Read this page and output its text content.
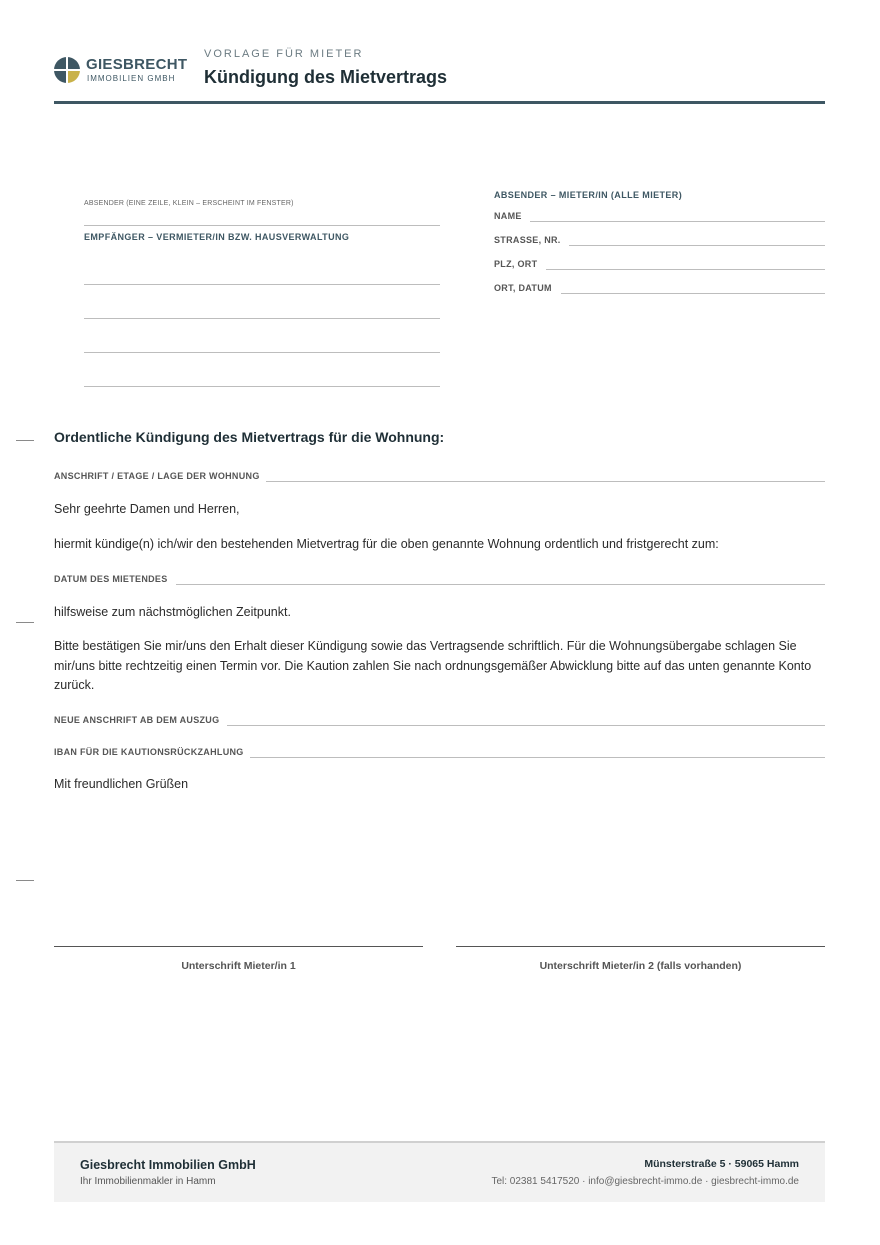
GIESBRECHT
IMMOBILIEN GMBH
VORLAGE FÜR MIETER
Kündigung des Mietvertrags
ABSENDER (EINE ZEILE, KLEIN – ERSCHEINT IM FENSTER)
EMPFÄNGER – VERMIETER/IN BZW. HAUSVERWALTUNG
ABSENDER – MIETER/IN (ALLE MIETER)
NAME
STRASSE, NR.
PLZ, ORT
ORT, DATUM
Ordentliche Kündigung des Mietvertrags für die Wohnung:
ANSCHRIFT / ETAGE / LAGE DER WOHNUNG
Sehr geehrte Damen und Herren,
hiermit kündige(n) ich/wir den bestehenden Mietvertrag für die oben genannte Wohnung ordentlich und fristgerecht zum:
DATUM DES MIETENDES
hilfsweise zum nächstmöglichen Zeitpunkt.
Bitte bestätigen Sie mir/uns den Erhalt dieser Kündigung sowie das Vertragsende schriftlich. Für die Wohnungsübergabe schlagen Sie mir/uns bitte rechtzeitig einen Termin vor. Die Kaution zahlen Sie nach ordnungsgemäßer Abwicklung bitte auf das unten genannte Konto zurück.
NEUE ANSCHRIFT AB DEM AUSZUG
IBAN FÜR DIE KAUTIONSRÜCKZAHLUNG
Mit freundlichen Grüßen
Unterschrift Mieter/in 1	Unterschrift Mieter/in 2 (falls vorhanden)
Giesbrecht Immobilien GmbH
Ihr Immobilienmakler in Hamm
Münsterstraße 5 · 59065 Hamm
Tel: 02381 5417520 · info@giesbrecht-immo.de · giesbrecht-immo.de
